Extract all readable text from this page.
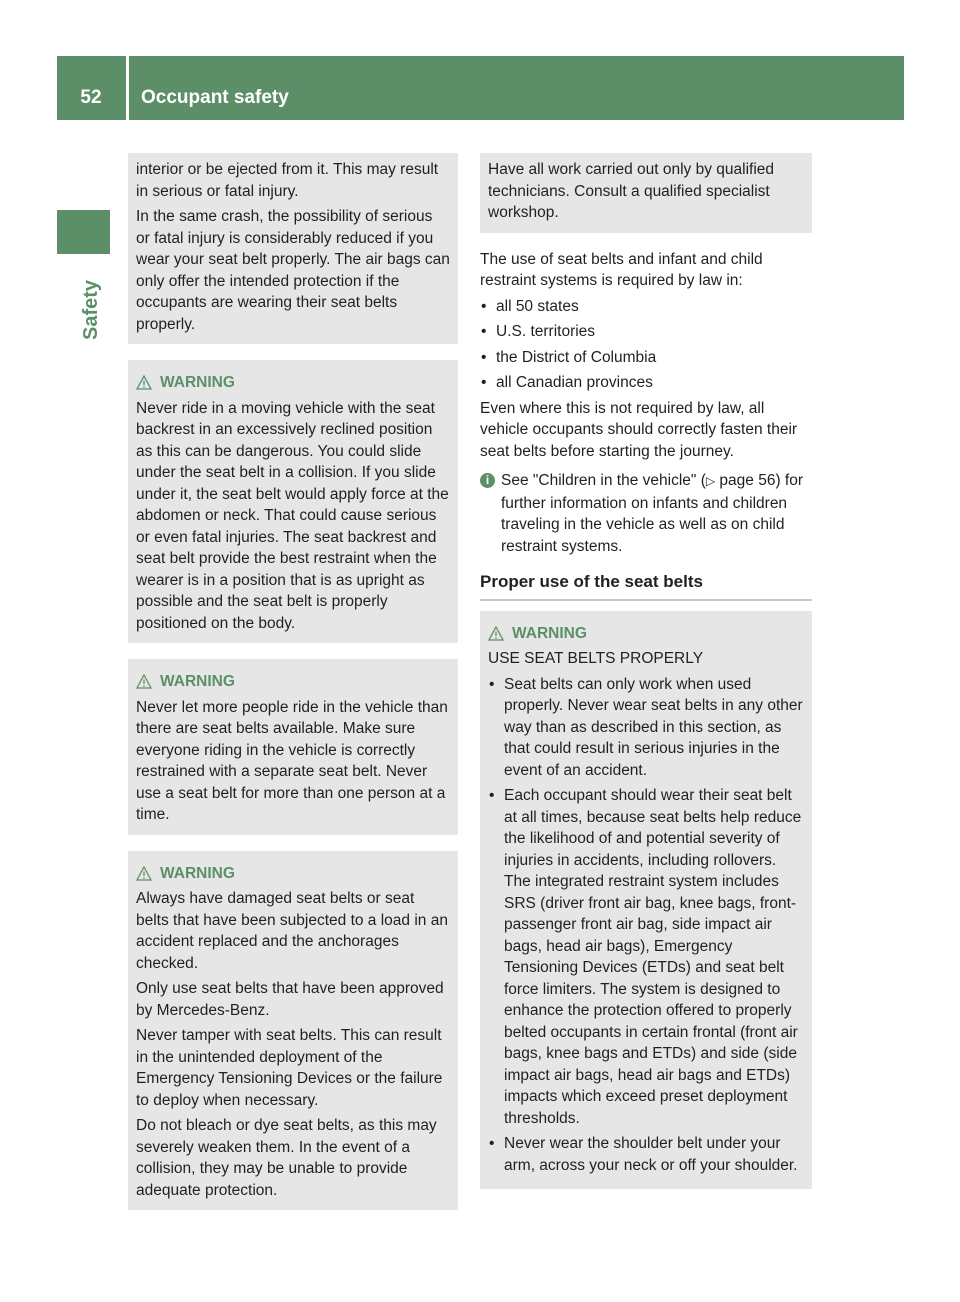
52	Occupant safety
Safety

interior or be ejected from it. This may result in serious or fatal injury.

In the same crash, the possibility of serious or fatal injury is considerably reduced if you wear your seat belt properly. The air bags can only offer the intended protection if the occupants are wearing their seat belts properly.

WARNING

Never ride in a moving vehicle with the seat backrest in an excessively reclined position as this can be dangerous. You could slide under the seat belt in a collision. If you slide under it, the seat belt would apply force at the abdomen or neck. That could cause serious or even fatal injuries. The seat backrest and seat belt provide the best restraint when the wearer is in a position that is as upright as possible and the seat belt is properly positioned on the body.

WARNING

Never let more people ride in the vehicle than there are seat belts available. Make sure everyone riding in the vehicle is correctly restrained with a separate seat belt. Never use a seat belt for more than one person at a time.

WARNING

Always have damaged seat belts or seat belts that have been subjected to a load in an accident replaced and the anchorages checked.

Only use seat belts that have been approved by Mercedes-Benz.

Never tamper with seat belts. This can result in the unintended deployment of the Emergency Tensioning Devices or the failure to deploy when necessary.

Do not bleach or dye seat belts, as this may severely weaken them. In the event of a collision, they may be unable to provide adequate protection.

Have all work carried out only by qualified technicians. Consult a qualified specialist workshop.

The use of seat belts and infant and child restraint systems is required by law in:

• all 50 states
• U.S. territories
• the District of Columbia
• all Canadian provinces

Even where this is not required by law, all vehicle occupants should correctly fasten their seat belts before starting the journey.

i See "Children in the vehicle" (▷ page 56) for further information on infants and children traveling in the vehicle as well as on child restraint systems.
Proper use of the seat belts
WARNING

USE SEAT BELTS PROPERLY

• Seat belts can only work when used properly. Never wear seat belts in any other way than as described in this section, as that could result in serious injuries in the event of an accident.
• Each occupant should wear their seat belt at all times, because seat belts help reduce the likelihood of and potential severity of injuries in accidents, including rollovers. The integrated restraint system includes SRS (driver front air bag, knee bags, front-passenger front air bag, side impact air bags, head air bags), Emergency Tensioning Devices (ETDs) and seat belt force limiters. The system is designed to enhance the protection offered to properly belted occupants in certain frontal (front air bags, knee bags and ETDs) and side (side impact air bags, head air bags and ETDs) impacts which exceed preset deployment thresholds.
• Never wear the shoulder belt under your arm, across your neck or off your shoulder.
